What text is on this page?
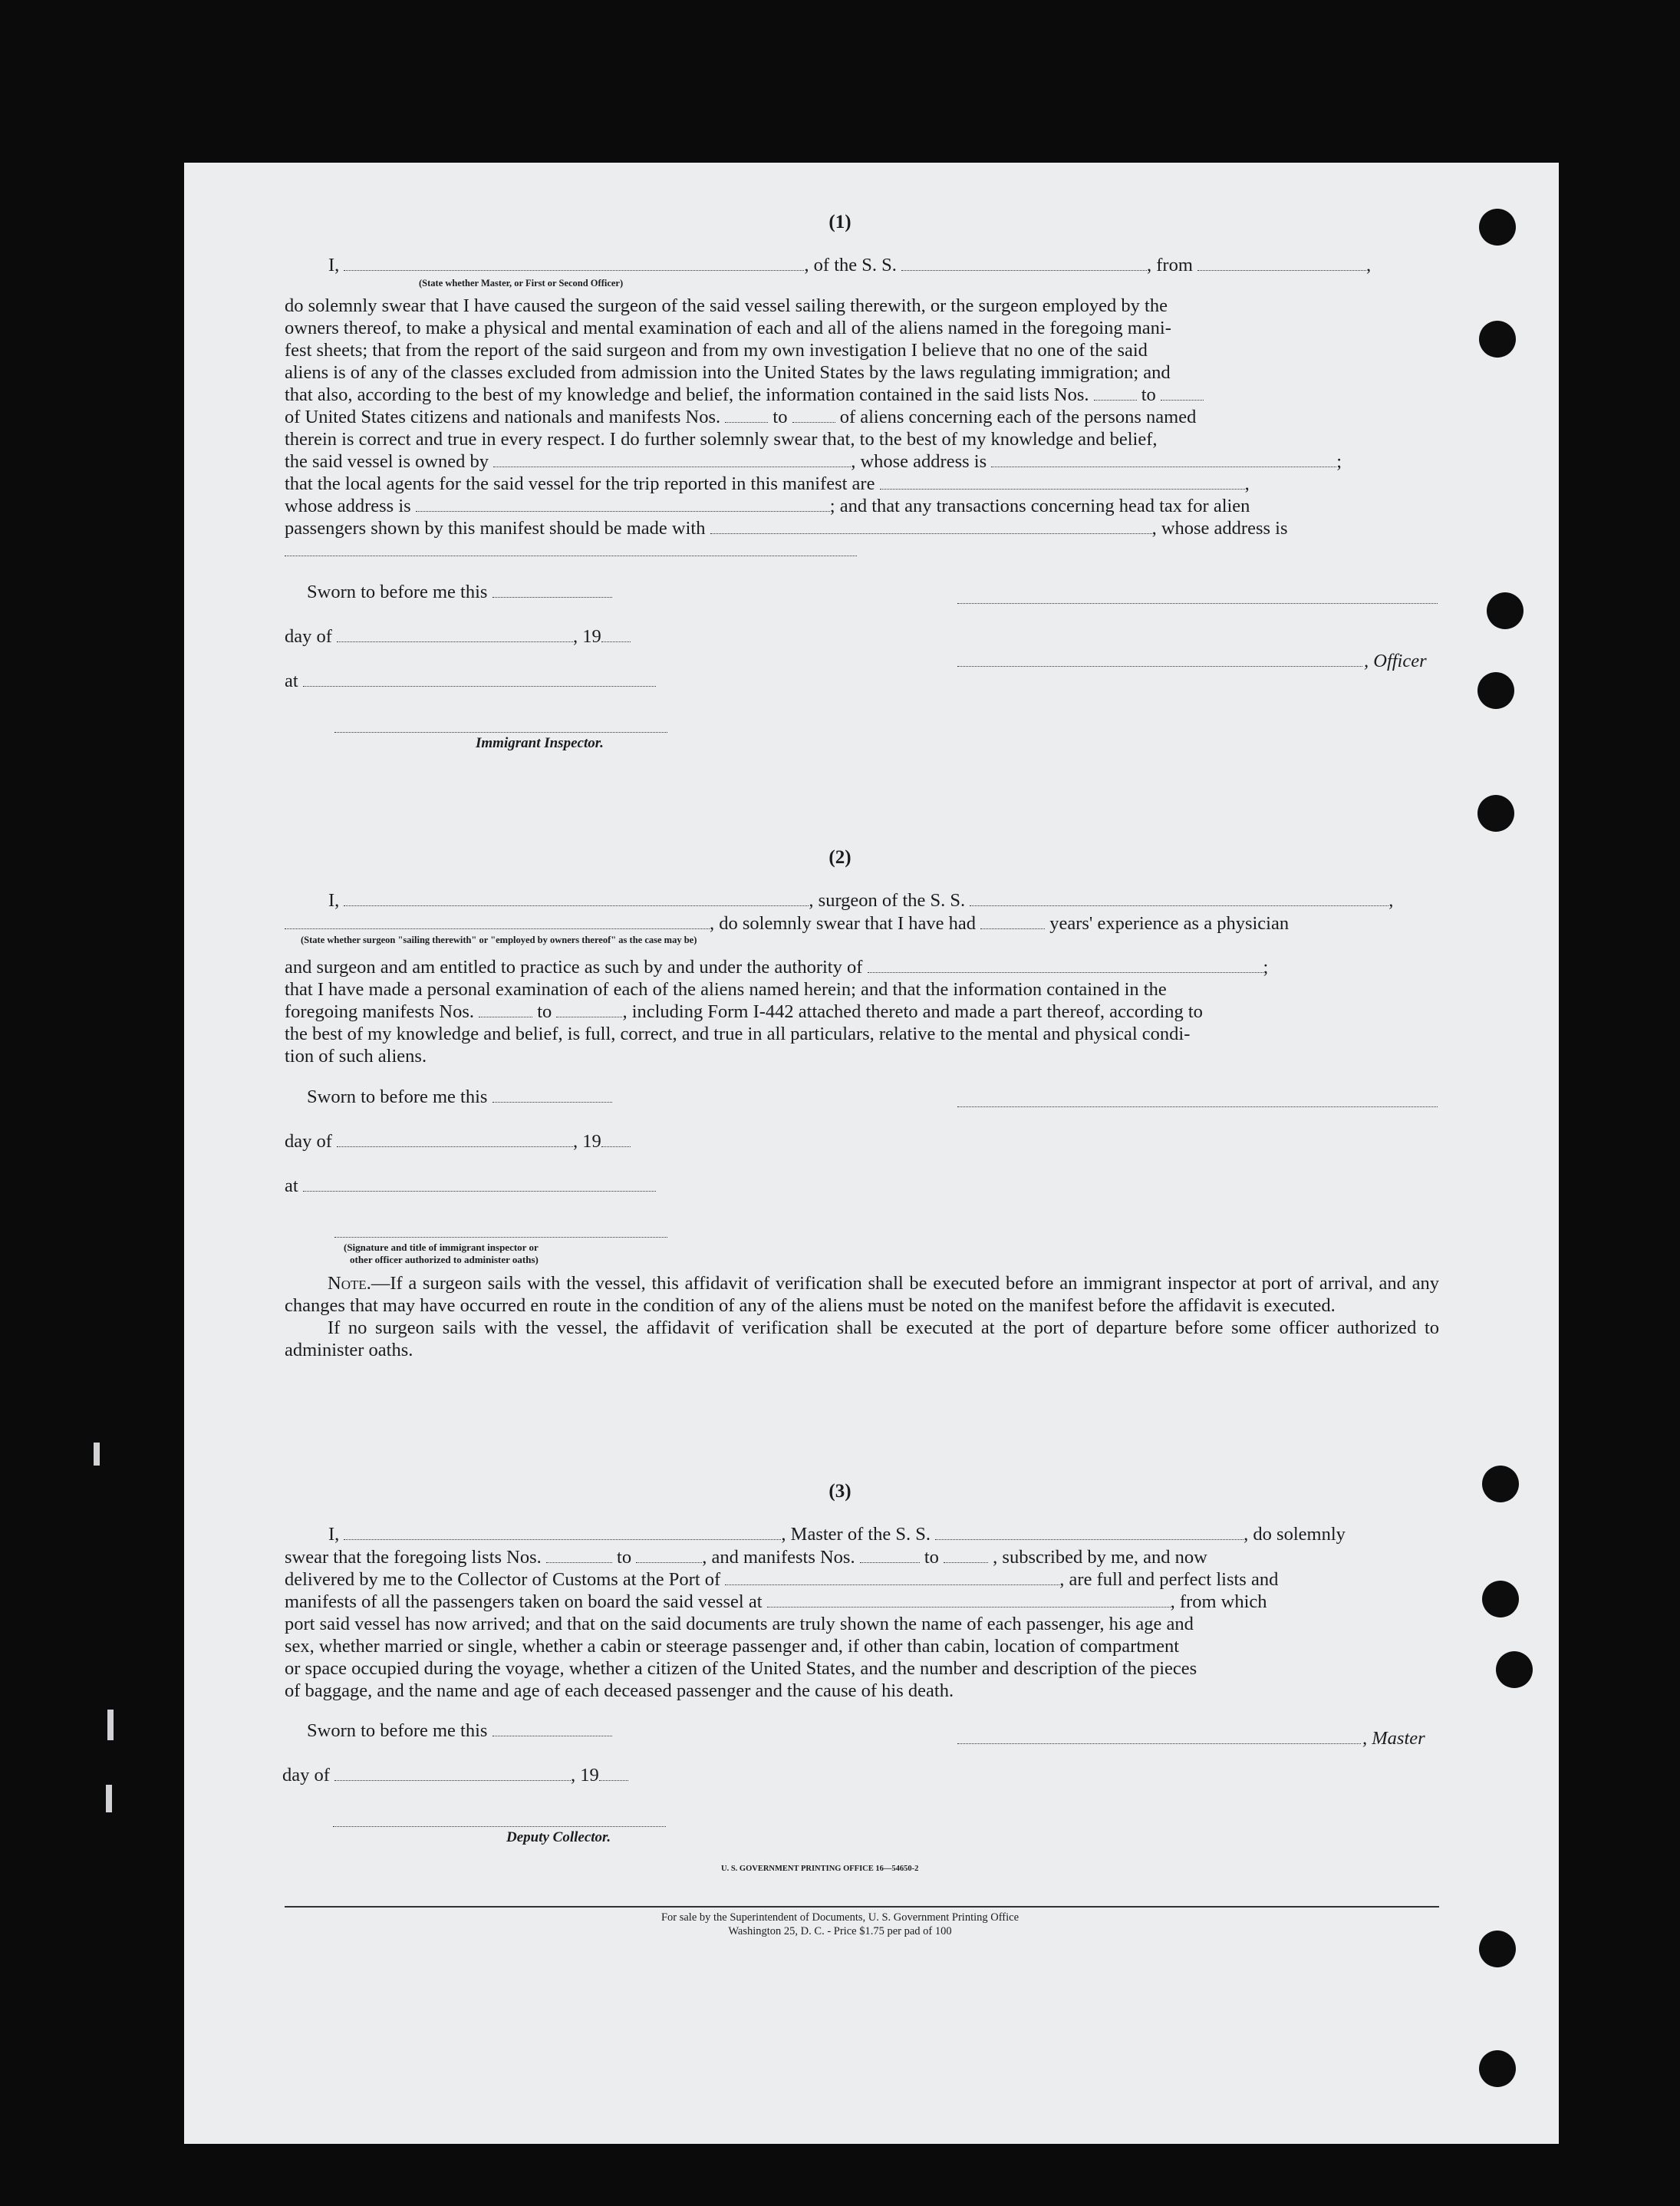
(1)
I,	, of the S. S.	, from	,
(State whether Master, or First or Second Officer)
do solemnly swear that I have caused the surgeon of the said vessel sailing therewith, or the surgeon employed by the
owners thereof, to make a physical and mental examination of each and all of the aliens named in the foregoing mani-
fest sheets; that from the report of the said surgeon and from my own investigation I believe that no one of the said
aliens is of any of the classes excluded from admission into the United States by the laws regulating immigration; and
that also, according to the best of my knowledge and belief, the information contained in the said lists Nos.	to
of United States citizens and nationals and manifests Nos.	to	of aliens concerning each of the persons named
therein is correct and true in every respect. I do further solemnly swear that, to the best of my knowledge and belief,
the said vessel is owned by	, whose address is	;
that the local agents for the said vessel for the trip reported in this manifest are	,
whose address is	; and that any transactions concerning head tax for alien
passengers shown by this manifest should be made with	, whose address is
Sworn to before me this
day of	, 19
at
Immigrant Inspector.
, Officer
(2)
I,	, surgeon of the S. S.	,
, do solemnly swear that I have had	years' experience as a physician
(State whether surgeon "sailing therewith" or "employed by owners thereof" as the case may be)
and surgeon and am entitled to practice as such by and under the authority of	;
that I have made a personal examination of each of the aliens named herein; and that the information contained in the
foregoing manifests Nos.	to	, including Form I-442 attached thereto and made a part thereof, according to
the best of my knowledge and belief, is full, correct, and true in all particulars, relative to the mental and physical condi-
tion of such aliens.
Sworn to before me this
day of	, 19
at
(Signature and title of immigrant inspector or
other officer authorized to administer oaths)
Note.—If a surgeon sails with the vessel, this affidavit of verification shall be executed before an immigrant inspector at port of arrival, and any changes that may have occurred en route in the condition of any of the aliens must be noted on the manifest before the affidavit is executed.
If no surgeon sails with the vessel, the affidavit of verification shall be executed at the port of departure before some officer authorized to administer oaths.
(3)
I,	, Master of the S. S.	, do solemnly
swear that the foregoing lists Nos.	to	, and manifests Nos.	to	, subscribed by me, and now
delivered by me to the Collector of Customs at the Port of	, are full and perfect lists and
manifests of all the passengers taken on board the said vessel at	, from which
port said vessel has now arrived; and that on the said documents are truly shown the name of each passenger, his age and
sex, whether married or single, whether a cabin or steerage passenger and, if other than cabin, location of compartment
or space occupied during the voyage, whether a citizen of the United States, and the number and description of the pieces
of baggage, and the name and age of each deceased passenger and the cause of his death.
Sworn to before me this	, Master
day of	, 19
Deputy Collector.
U. S. GOVERNMENT PRINTING OFFICE 16—54650-2
For sale by the Superintendent of Documents, U. S. Government Printing Office
Washington 25, D. C. - Price $1.75 per pad of 100
